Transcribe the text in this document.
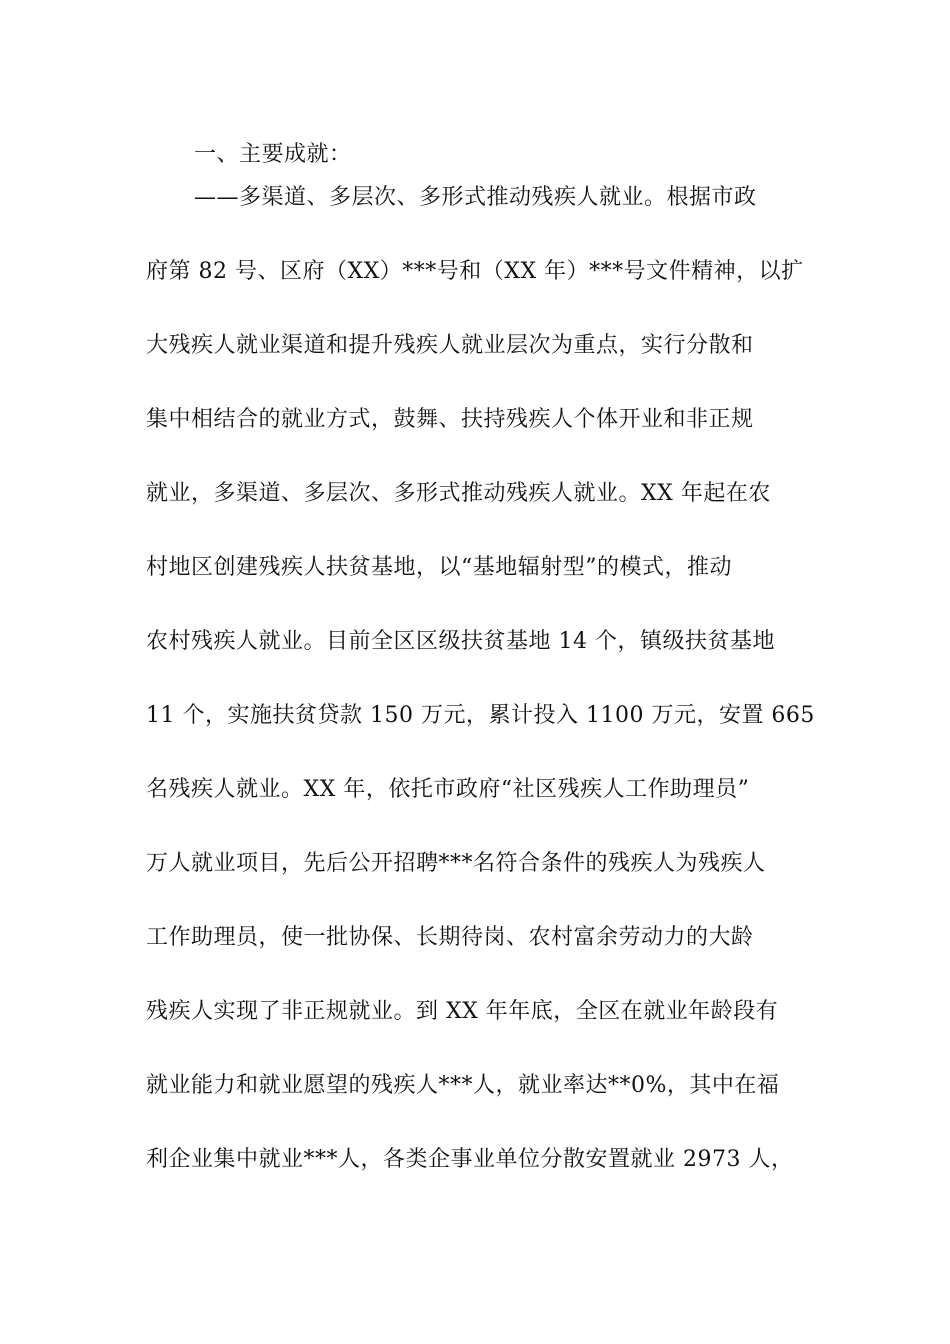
一、主要成就：
——多渠道、多层次、多形式推动残疾人就业。根据市政
府第 82 号、区府（XX）***号和（XX 年）***号文件精神，以扩
大残疾人就业渠道和提升残疾人就业层次为重点，实行分散和
集中相结合的就业方式，鼓舞、扶持残疾人个体开业和非正规
就业，多渠道、多层次、多形式推动残疾人就业。XX 年起在农
村地区创建残疾人扶贫基地，以“基地辐射型”的模式，推动
农村残疾人就业。目前全区区级扶贫基地 14 个，镇级扶贫基地
11 个，实施扶贫贷款 150 万元，累计投入 1100 万元，安置 665
名残疾人就业。XX 年，依托市政府“社区残疾人工作助理员”
万人就业项目，先后公开招聘***名符合条件的残疾人为残疾人
工作助理员，使一批协保、长期待岗、农村富余劳动力的大龄
残疾人实现了非正规就业。到 XX 年年底，全区在就业年龄段有
就业能力和就业愿望的残疾人***人，就业率达**0%，其中在福
利企业集中就业***人，各类企事业单位分散安置就业 2973 人，
